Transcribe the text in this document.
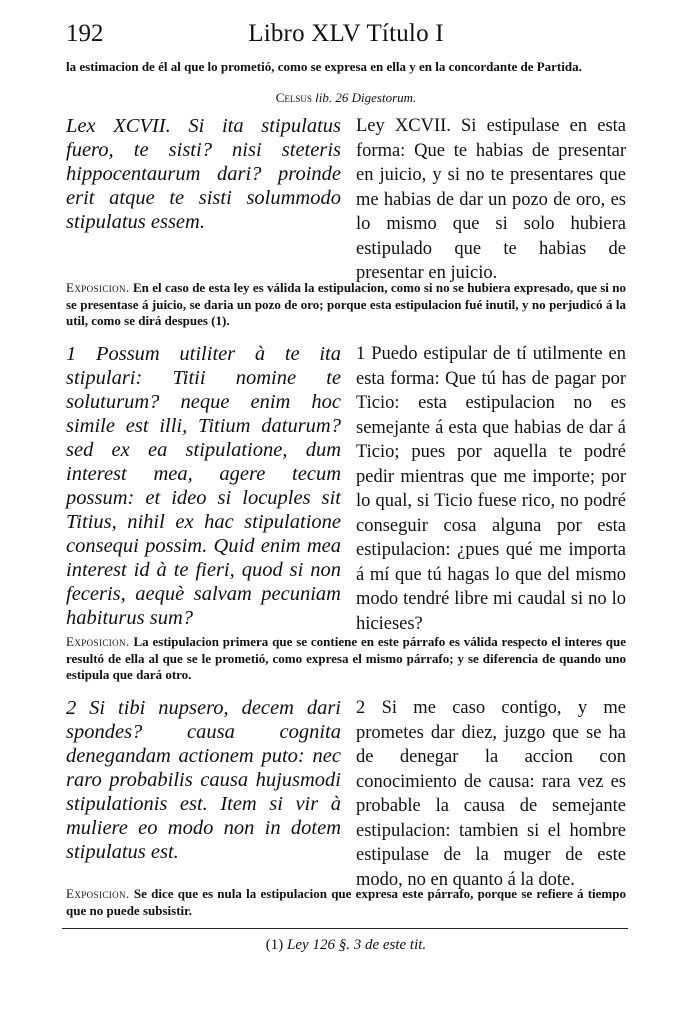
192	Libro XLV Título I
la estimacion de él al que lo prometió, como se expresa en ella y en la concordante de Partida.
Celsus lib. 26 Digestorum.
Lex XCVII. Si ita stipulatus fuero, te sisti? nisi steteris hippocentaurum dari? proinde erit atque te sisti solummodo stipulatus essem.
Ley XCVII. Si estipulase en esta forma: Que te habias de presentar en juicio, y si no te presentares que me habias de dar un pozo de oro, es lo mismo que si solo hubiera estipulado que te habias de presentar en juicio.
Exposicion. En el caso de esta ley es válida la estipulacion, como si no se hubiera expresado, que si no se presentase á juicio, se daria un pozo de oro; porque esta estipulacion fué inutil, y no perjudicó á la util, como se dirá despues (1).
1 Possum utiliter à te ita stipulari: Titii nomine te soluturum? neque enim hoc simile est illi, Titium daturum? sed ex ea stipulatione, dum interest mea, agere tecum possum: et ideo si locuples sit Titius, nihil ex hac stipulatione consequi possim. Quid enim mea interest id à te fieri, quod si non feceris, aequè salvam pecuniam habiturus sum?
1 Puedo estipular de tí utilmente en esta forma: Que tú has de pagar por Ticio: esta estipulacion no es semejante á esta que habias de dar á Ticio; pues por aquella te podré pedir mientras que me importe; por lo qual, si Ticio fuese rico, no podré conseguir cosa alguna por esta estipulacion: ¿pues qué me importa á mí que tú hagas lo que del mismo modo tendré libre mi caudal si no lo hicieses?
Exposicion. La estipulacion primera que se contiene en este párrafo es válida respecto el interes que resultó de ella al que se le prometió, como expresa el mismo párrafo; y se diferencia de quando uno estipula que dará otro.
2 Si tibi nupsero, decem dari spondes? causa cognita denegandam actionem puto: nec raro probabilis causa hujusmodi stipulationis est. Item si vir à muliere eo modo non in dotem stipulatus est.
2 Si me caso contigo, y me prometes dar diez, juzgo que se ha de denegar la accion con conocimiento de causa: rara vez es probable la causa de semejante estipulacion: tambien si el hombre estipulase de la muger de este modo, no en quanto á la dote.
Exposicion. Se dice que es nula la estipulacion que expresa este párrafo, porque se refiere á tiempo que no puede subsistir.
(1) Ley 126 §. 3 de este tit.
